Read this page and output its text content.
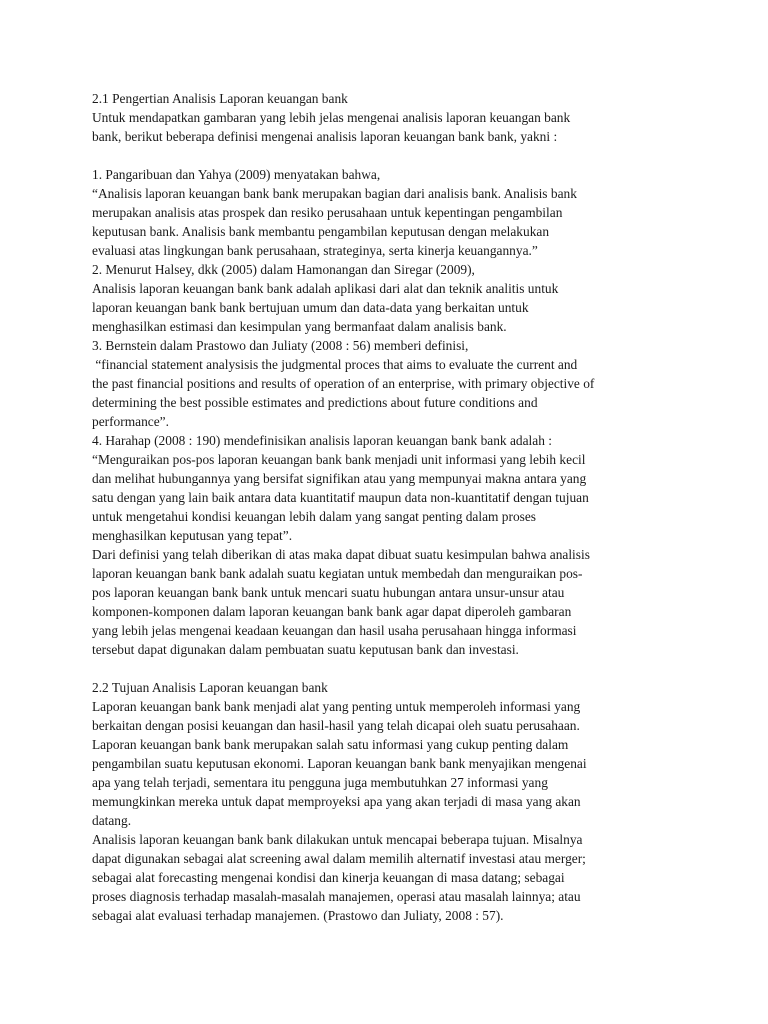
2.1 Pengertian Analisis Laporan keuangan bank
Untuk mendapatkan gambaran yang lebih jelas mengenai analisis laporan keuangan bank
bank, berikut beberapa definisi mengenai analisis laporan keuangan bank bank, yakni :
1. Pangaribuan dan Yahya (2009) menyatakan bahwa,
“Analisis laporan keuangan bank bank merupakan bagian dari analisis bank. Analisis bank
merupakan analisis atas prospek dan resiko perusahaan untuk kepentingan pengambilan
keputusan bank. Analisis bank membantu pengambilan keputusan dengan melakukan
evaluasi atas lingkungan bank perusahaan, strateginya, serta kinerja keuangannya.”
2. Menurut Halsey, dkk (2005) dalam Hamonangan dan Siregar (2009),
Analisis laporan keuangan bank bank adalah aplikasi dari alat dan teknik analitis untuk
laporan keuangan bank bank bertujuan umum dan data-data yang berkaitan untuk
menghasilkan estimasi dan kesimpulan yang bermanfaat dalam analisis bank.
3. Bernstein dalam Prastowo dan Juliaty (2008 : 56) memberi definisi,
“financial statement analysisis the judgmental proces that aims to evaluate the current and
the past financial positions and results of operation of an enterprise, with primary objective of
determining the best possible estimates and predictions about future conditions and
performance”.
4. Harahap (2008 : 190) mendefinisikan analisis laporan keuangan bank bank adalah :
“Menguraikan pos-pos laporan keuangan bank bank menjadi unit informasi yang lebih kecil
dan melihat hubungannya yang bersifat signifikan atau yang mempunyai makna antara yang
satu dengan yang lain baik antara data kuantitatif maupun data non-kuantitatif dengan tujuan
untuk mengetahui kondisi keuangan lebih dalam yang sangat penting dalam proses
menghasilkan keputusan yang tepat”.
Dari definisi yang telah diberikan di atas maka dapat dibuat suatu kesimpulan bahwa analisis
laporan keuangan bank bank adalah suatu kegiatan untuk membedah dan menguraikan pos-
pos laporan keuangan bank bank untuk mencari suatu hubungan antara unsur-unsur atau
komponen-komponen dalam laporan keuangan bank bank agar dapat diperoleh gambaran
yang lebih jelas mengenai keadaan keuangan dan hasil usaha perusahaan hingga informasi
tersebut dapat digunakan dalam pembuatan suatu keputusan bank dan investasi.
2.2 Tujuan Analisis Laporan keuangan bank
Laporan keuangan bank bank menjadi alat yang penting untuk memperoleh informasi yang
berkaitan dengan posisi keuangan dan hasil-hasil yang telah dicapai oleh suatu perusahaan.
Laporan keuangan bank bank merupakan salah satu informasi yang cukup penting dalam
pengambilan suatu keputusan ekonomi. Laporan keuangan bank bank menyajikan mengenai
apa yang telah terjadi, sementara itu pengguna juga membutuhkan 27 informasi yang
memungkinkan mereka untuk dapat memproyeksi apa yang akan terjadi di masa yang akan
datang.
Analisis laporan keuangan bank bank dilakukan untuk mencapai beberapa tujuan. Misalnya
dapat digunakan sebagai alat screening awal dalam memilih alternatif investasi atau merger;
sebagai alat forecasting mengenai kondisi dan kinerja keuangan di masa datang; sebagai
proses diagnosis terhadap masalah-masalah manajemen, operasi atau masalah lainnya; atau
sebagai alat evaluasi terhadap manajemen. (Prastowo dan Juliaty, 2008 : 57).
